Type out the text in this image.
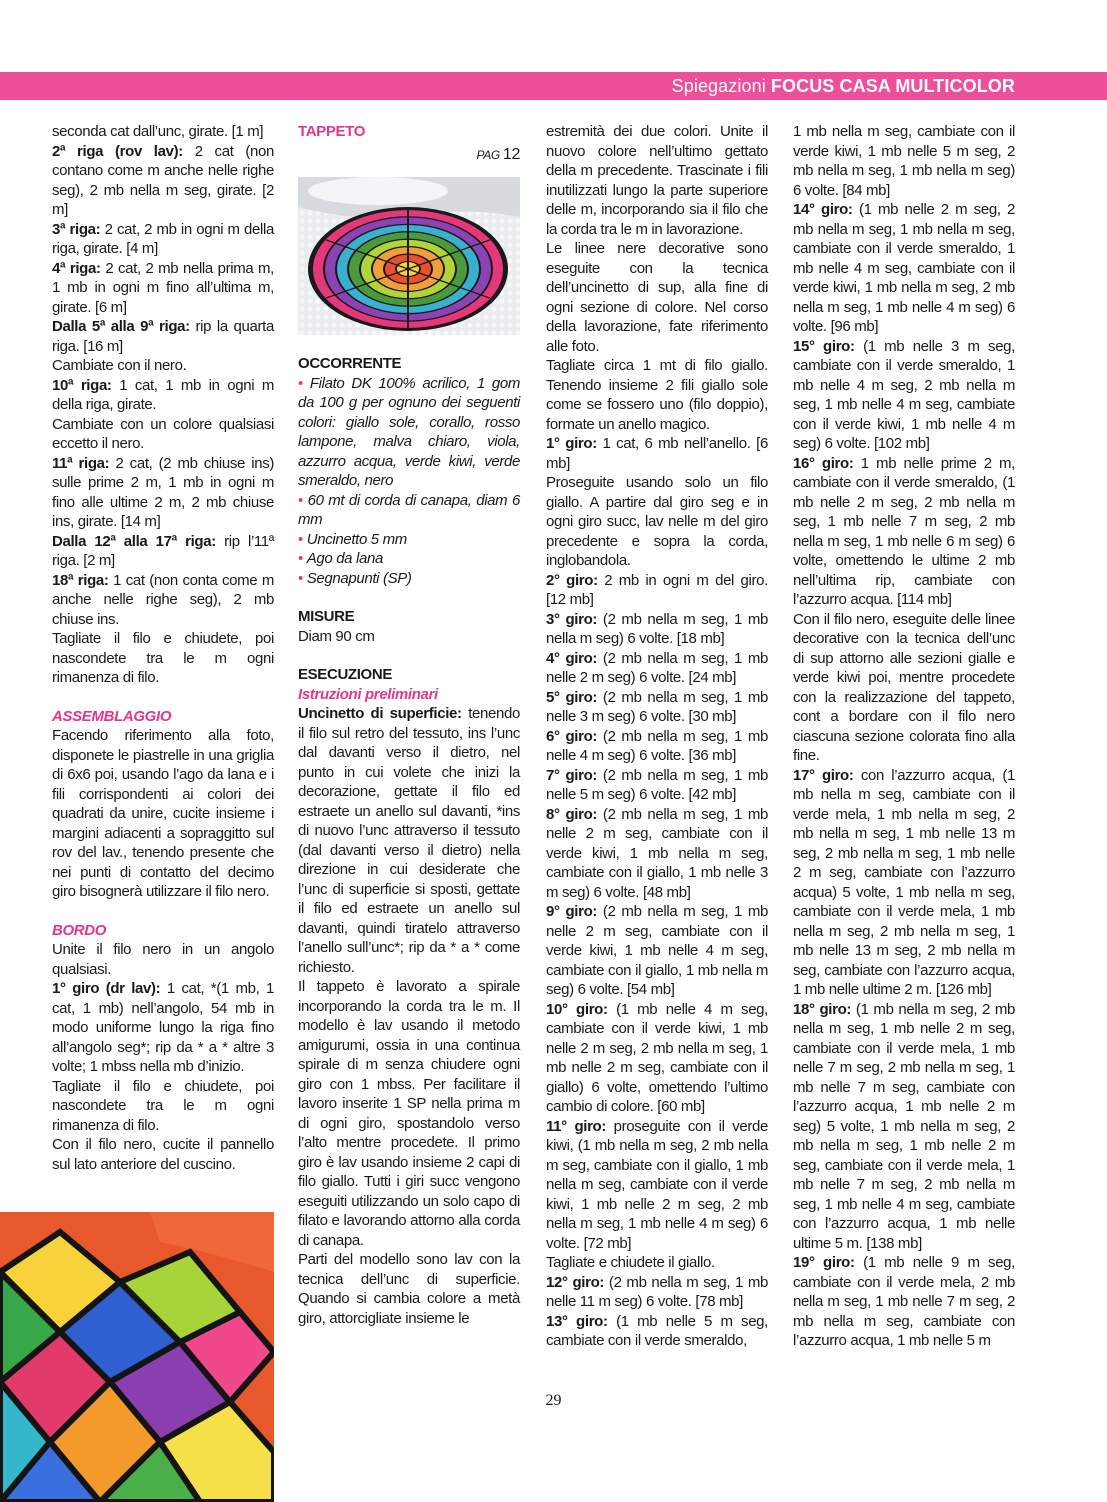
Spiegazioni FOCUS CASA MULTICOLOR

seconda cat dall’unc, girate. [1 m]

2ª riga (rov lav): 2 cat (non contano come m anche nelle righe seg), 2 mb nella m seg, girate. [2 m]

3ª riga: 2 cat, 2 mb in ogni m della riga, girate. [4 m]

4ª riga: 2 cat, 2 mb nella prima m, 1 mb in ogni m fino all’ultima m, girate. [6 m]

Dalla 5ª alla 9ª riga: rip la quarta riga. [16 m]

Cambiate con il nero.

10ª riga: 1 cat, 1 mb in ogni m della riga, girate.

Cambiate con un colore qualsiasi eccetto il nero.

11ª riga: 2 cat, (2 mb chiuse ins) sulle prime 2 m, 1 mb in ogni m fino alle ultime 2 m, 2 mb chiuse ins, girate. [14 m]

Dalla 12ª alla 17ª riga: rip l’11ª riga. [2 m]

18ª riga: 1 cat (non conta come m anche nelle righe seg), 2 mb chiuse ins.

Tagliate il filo e chiudete, poi nascondete tra le m ogni rimanenza di filo.

ASSEMBLAGGIO

Facendo riferimento alla foto, disponete le piastrelle in una griglia di 6x6 poi, usando l’ago da lana e i fili corrispondenti ai colori dei quadrati da unire, cucite insieme i margini adiacenti a sopraggitto sul rov del lav., tenendo presente che nei punti di contatto del decimo giro bisognerà utilizzare il filo nero.

BORDO

Unite il filo nero in un angolo qualsiasi.

1° giro (dr lav): 1 cat, *(1 mb, 1 cat, 1 mb) nell’angolo, 54 mb in modo uniforme lungo la riga fino all’angolo seg*; rip da * a * altre 3 volte; 1 mbss nella mb d’inizio.

Tagliate il filo e chiudete, poi nascondete tra le m ogni rimanenza di filo.

Con il filo nero, cucite il pannello sul lato anteriore del cuscino.

TAPPETO

PAG 12

OCCORRENTE

• Filato DK 100% acrilico, 1 gom da 100 g per ognuno dei seguenti colori: giallo sole, corallo, rosso lampone, malva chiaro, viola, azzurro acqua, verde kiwi, verde smeraldo, nero

• 60 mt di corda di canapa, diam 6 mm

• Uncinetto 5 mm

• Ago da lana

• Segnapunti (SP)

MISURE

Diam 90 cm

ESECUZIONE

Istruzioni preliminari

Uncinetto di superficie: tenendo il filo sul retro del tessuto, ins l’unc dal davanti verso il dietro, nel punto in cui volete che inizi la decorazione, gettate il filo ed estraete un anello sul davanti, *ins di nuovo l’unc attraverso il tessuto (dal davanti verso il dietro) nella direzione in cui desiderate che l’unc di superficie si sposti, gettate il filo ed estraete un anello sul davanti, quindi tiratelo attraverso l’anello sull’unc*; rip da * a * come richiesto.

Il tappeto è lavorato a spirale incorporando la corda tra le m. Il modello è lav usando il metodo amigurumi, ossia in una continua spirale di m senza chiudere ogni giro con 1 mbss. Per facilitare il lavoro inserite 1 SP nella prima m di ogni giro, spostandolo verso l’alto mentre procedete. Il primo giro è lav usando insieme 2 capi di filo giallo. Tutti i giri succ vengono eseguiti utilizzando un solo capo di filato e lavorando attorno alla corda di canapa.

Parti del modello sono lav con la tecnica dell’unc di superficie. Quando si cambia colore a metà giro, attorcigliate insieme le

estremità dei due colori. Unite il nuovo colore nell’ultimo gettato della m precedente. Trascinate i fili inutilizzati lungo la parte superiore delle m, incorporando sia il filo che la corda tra le m in lavorazione.

Le linee nere decorative sono eseguite con la tecnica dell’uncinetto di sup, alla fine di ogni sezione di colore. Nel corso della lavorazione, fate riferimento alle foto.

Tagliate circa 1 mt di filo giallo. Tenendo insieme 2 fili giallo sole come se fossero uno (filo doppio), formate un anello magico.

1° giro: 1 cat, 6 mb nell’anello. [6 mb]

Proseguite usando solo un filo giallo. A partire dal giro seg e in ogni giro succ, lav nelle m del giro precedente e sopra la corda, inglobandola.

2° giro: 2 mb in ogni m del giro. [12 mb]

3° giro: (2 mb nella m seg, 1 mb nella m seg) 6 volte. [18 mb]

4° giro: (2 mb nella m seg, 1 mb nelle 2 m seg) 6 volte. [24 mb]

5° giro: (2 mb nella m seg, 1 mb nelle 3 m seg) 6 volte. [30 mb]

6° giro: (2 mb nella m seg, 1 mb nelle 4 m seg) 6 volte. [36 mb]

7° giro: (2 mb nella m seg, 1 mb nelle 5 m seg) 6 volte. [42 mb]

8° giro: (2 mb nella m seg, 1 mb nelle 2 m seg, cambiate con il verde kiwi, 1 mb nella m seg, cambiate con il giallo, 1 mb nelle 3 m seg) 6 volte. [48 mb]

9° giro: (2 mb nella m seg, 1 mb nelle 2 m seg, cambiate con il verde kiwi, 1 mb nelle 4 m seg, cambiate con il giallo, 1 mb nella m seg) 6 volte. [54 mb]

10° giro: (1 mb nelle 4 m seg, cambiate con il verde kiwi, 1 mb nelle 2 m seg, 2 mb nella m seg, 1 mb nelle 2 m seg, cambiate con il giallo) 6 volte, omettendo l’ultimo cambio di colore. [60 mb]

11° giro: proseguite con il verde kiwi, (1 mb nella m seg, 2 mb nella m seg, cambiate con il giallo, 1 mb nella m seg, cambiate con il verde kiwi, 1 mb nelle 2 m seg, 2 mb nella m seg, 1 mb nelle 4 m seg) 6 volte. [72 mb]

Tagliate e chiudete il giallo.

12° giro: (2 mb nella m seg, 1 mb nelle 11 m seg) 6 volte. [78 mb]

13° giro: (1 mb nelle 5 m seg, cambiate con il verde smeraldo,

1 mb nella m seg, cambiate con il verde kiwi, 1 mb nelle 5 m seg, 2 mb nella m seg, 1 mb nella m seg) 6 volte. [84 mb]

14° giro: (1 mb nelle 2 m seg, 2 mb nella m seg, 1 mb nella m seg, cambiate con il verde smeraldo, 1 mb nelle 4 m seg, cambiate con il verde kiwi, 1 mb nella m seg, 2 mb nella m seg, 1 mb nelle 4 m seg) 6 volte. [96 mb]

15° giro: (1 mb nelle 3 m seg, cambiate con il verde smeraldo, 1 mb nelle 4 m seg, 2 mb nella m seg, 1 mb nelle 4 m seg, cambiate con il verde kiwi, 1 mb nelle 4 m seg) 6 volte. [102 mb]

16° giro: 1 mb nelle prime 2 m, cambiate con il verde smeraldo, (1 mb nelle 2 m seg, 2 mb nella m seg, 1 mb nelle 7 m seg, 2 mb nella m seg, 1 mb nelle 6 m seg) 6 volte, omettendo le ultime 2 mb nell’ultima rip, cambiate con l’azzurro acqua. [114 mb]

Con il filo nero, eseguite delle linee decorative con la tecnica dell’unc di sup attorno alle sezioni gialle e verde kiwi poi, mentre procedete con la realizzazione del tappeto, cont a bordare con il filo nero ciascuna sezione colorata fino alla fine.

17° giro: con l’azzurro acqua, (1 mb nella m seg, cambiate con il verde mela, 1 mb nella m seg, 2 mb nella m seg, 1 mb nelle 13 m seg, 2 mb nella m seg, 1 mb nelle 2 m seg, cambiate con l’azzurro acqua) 5 volte, 1 mb nella m seg, cambiate con il verde mela, 1 mb nella m seg, 2 mb nella m seg, 1 mb nelle 13 m seg, 2 mb nella m seg, cambiate con l’azzurro acqua, 1 mb nelle ultime 2 m. [126 mb]

18° giro: (1 mb nella m seg, 2 mb nella m seg, 1 mb nelle 2 m seg, cambiate con il verde mela, 1 mb nelle 7 m seg, 2 mb nella m seg, 1 mb nelle 7 m seg, cambiate con l’azzurro acqua, 1 mb nelle 2 m seg) 5 volte, 1 mb nella m seg, 2 mb nella m seg, 1 mb nelle 2 m seg, cambiate con il verde mela, 1 mb nelle 7 m seg, 2 mb nella m seg, 1 mb nelle 4 m seg, cambiate con l’azzurro acqua, 1 mb nelle ultime 5 m. [138 mb]

19° giro: (1 mb nelle 9 m seg, cambiate con il verde mela, 2 mb nella m seg, 1 mb nelle 7 m seg, 2 mb nella m seg, cambiate con l’azzurro acqua, 1 mb nelle 5 m

29
